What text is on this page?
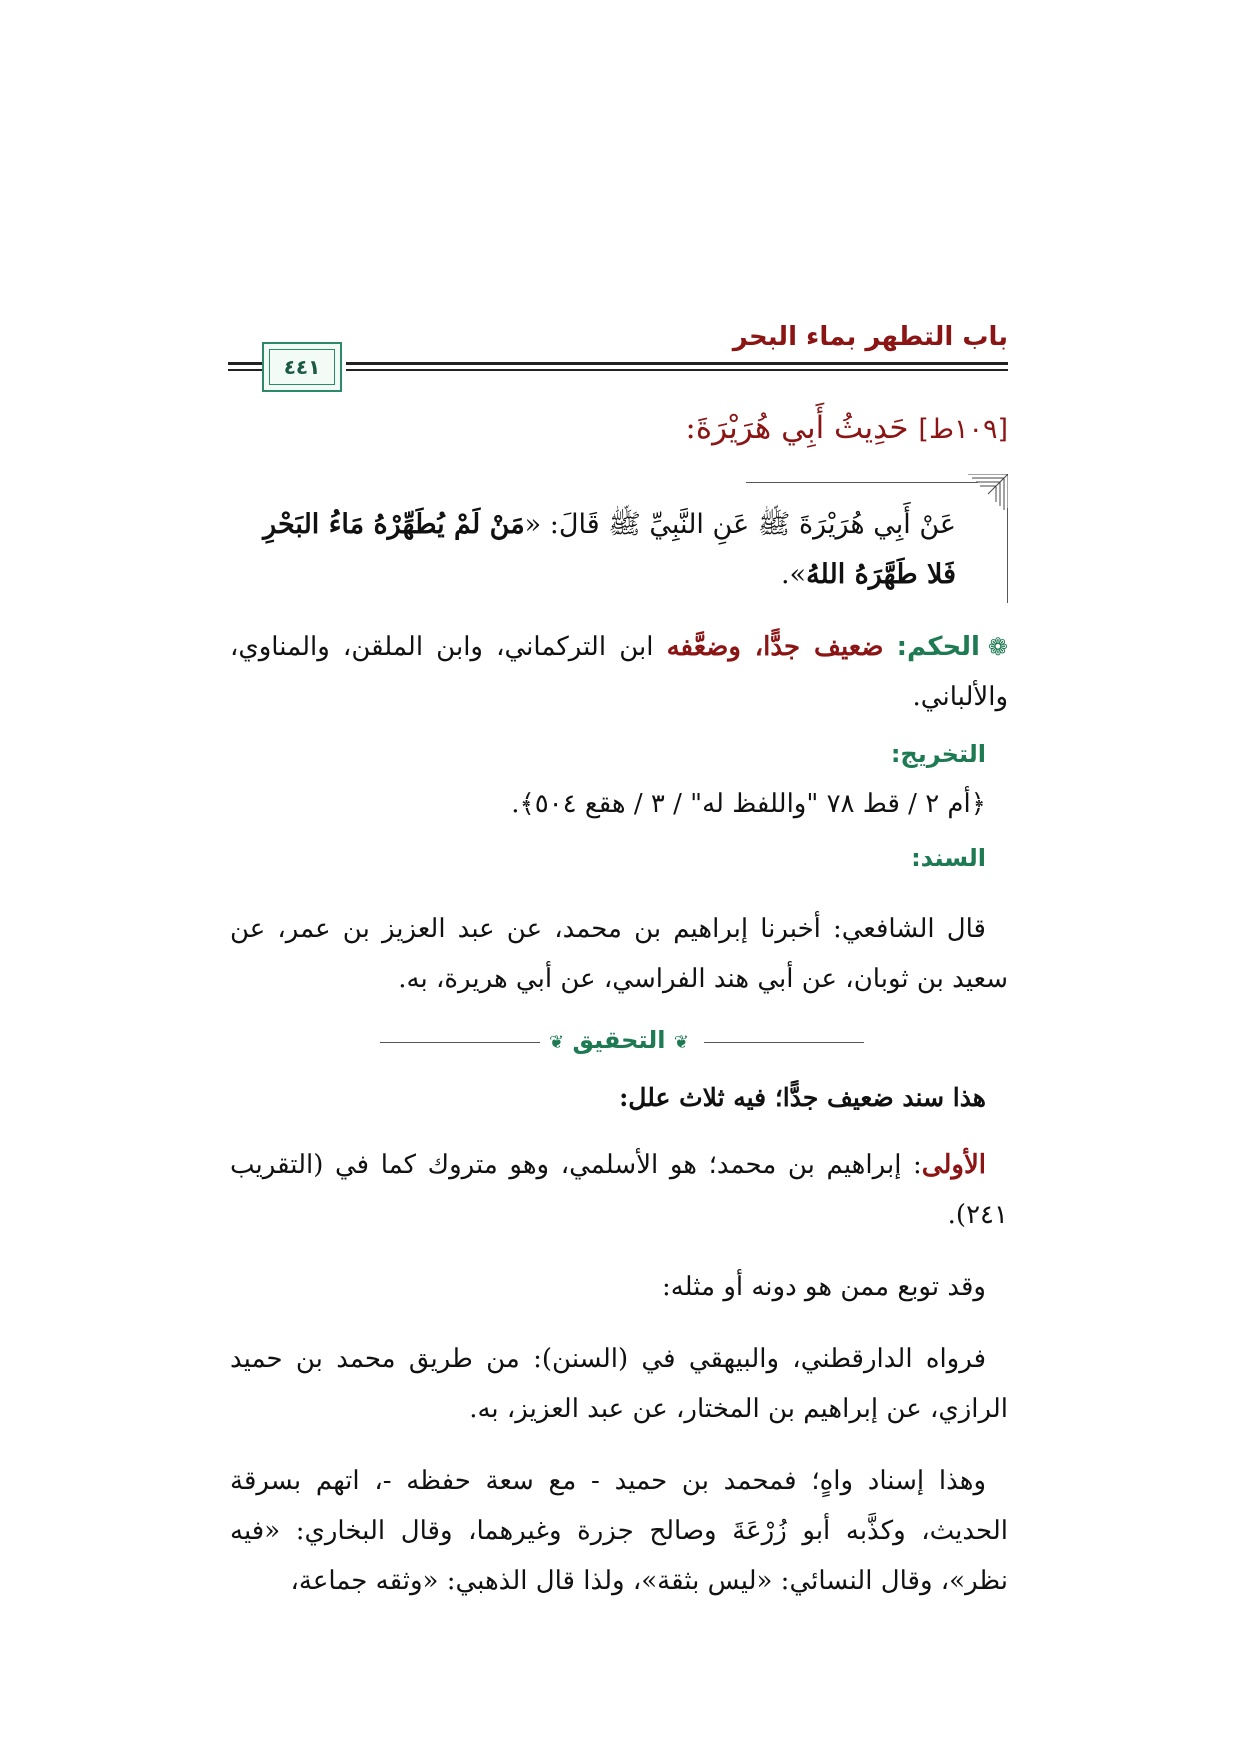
باب التطهر بماء البحر
٤٤١
[١٠٩ط] حَدِيثُ أَبِي هُرَيْرَةَ:
عَنْ أَبِي هُرَيْرَةَ ﷺ عَنِ النَّبِيِّ ﷺ قَالَ: «مَنْ لَمْ يُطَهِّرْهُ مَاءُ البَحْرِ فَلا طَهَّرَهُ اللهُ».
❁الحكم: ضعيف جدًّا، وضعَّفه ابن التركماني، وابن الملقن، والمناوي، والألباني.
التخريج:
﴿أم ٢ / قط ٧٨ "واللفظ له" / ٣ / هقع ٥٠٤﴾.
السند:
قال الشافعي: أخبرنا إبراهيم بن محمد، عن عبد العزيز بن عمر، عن سعيد بن ثوبان، عن أبي هند الفراسي، عن أبي هريرة، به.
❦ التحقيق ❦
هذا سند ضعيف جدًّا؛ فيه ثلاث علل:
الأولى: إبراهيم بن محمد؛ هو الأسلمي، وهو متروك كما في (التقريب ٢٤١).
وقد توبع ممن هو دونه أو مثله:
فرواه الدارقطني، والبيهقي في (السنن): من طريق محمد بن حميد الرازي، عن إبراهيم بن المختار، عن عبد العزيز، به.
وهذا إسناد واهٍ؛ فمحمد بن حميد - مع سعة حفظه -، اتهم بسرقة الحديث، وكذَّبه أبو زُرْعَةَ وصالح جزرة وغيرهما، وقال البخاري: «فيه نظر»، وقال النسائي: «ليس بثقة»، ولذا قال الذهبي: «وثقه جماعة،
